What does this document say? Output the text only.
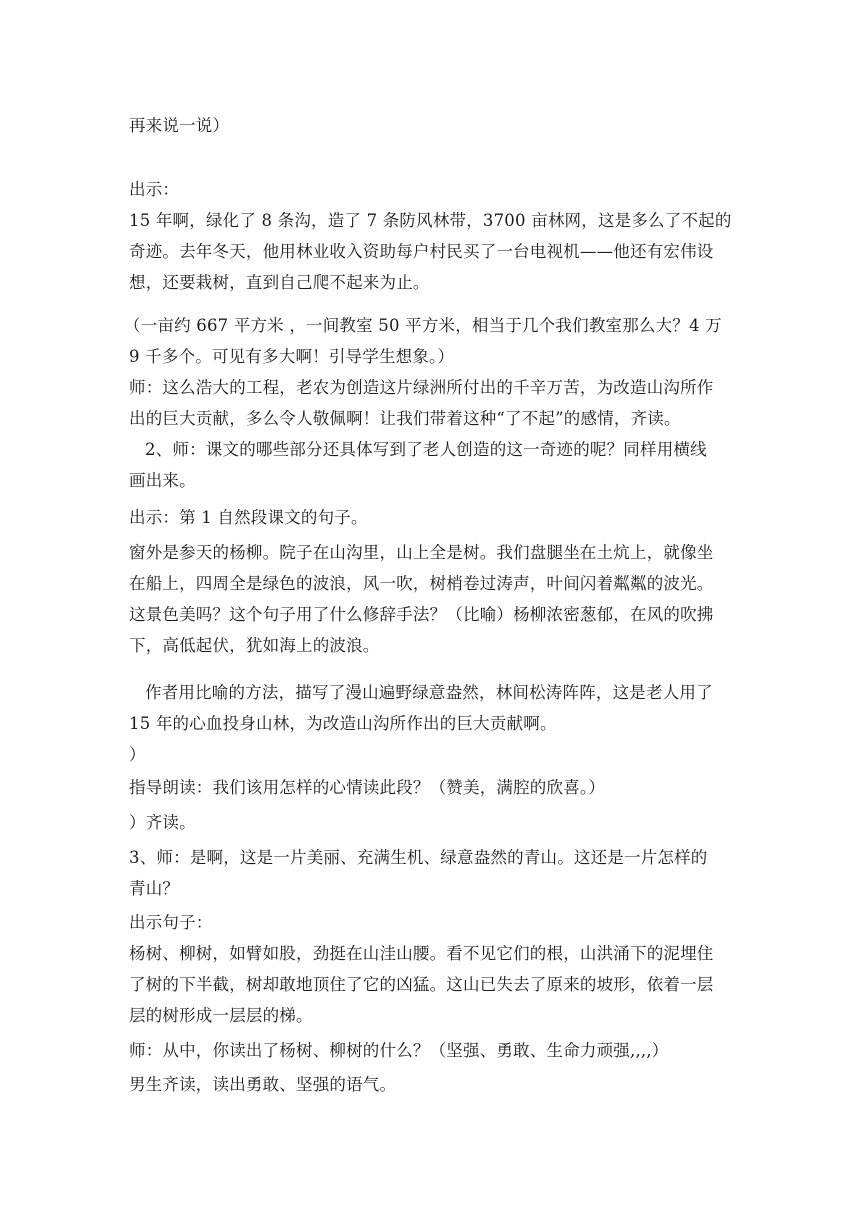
再来说一说）
出示：
15 年啊，绿化了 8 条沟，造了 7 条防风林带，3700 亩林网，这是多么了不起的
奇迹。去年冬天，他用林业收入资助每户村民买了一台电视机——他还有宏伟设
想，还要栽树，直到自己爬不起来为止。
（一亩约 667 平方米 ，一间教室 50 平方米，相当于几个我们教室那么大？4 万
9 千多个。可见有多大啊！引导学生想象。）
师：这么浩大的工程，老农为创造这片绿洲所付出的千辛万苦，为改造山沟所作
出的巨大贡献，多么令人敬佩啊！让我们带着这种“了不起”的感情，齐读。
2、师：课文的哪些部分还具体写到了老人创造的这一奇迹的呢？同样用横线
画出来。
出示：第 1 自然段课文的句子。
窗外是参天的杨柳。院子在山沟里，山上全是树。我们盘腿坐在土炕上，就像坐
在船上，四周全是绿色的波浪，风一吹，树梢卷过涛声，叶间闪着粼粼的波光。
这景色美吗？这个句子用了什么修辞手法？（比喻）杨柳浓密葱郁，在风的吹拂
下，高低起伏，犹如海上的波浪。
作者用比喻的方法，描写了漫山遍野绿意盎然，林间松涛阵阵，这是老人用了
15 年的心血投身山林，为改造山沟所作出的巨大贡献啊。
）
指导朗读：我们该用怎样的心情读此段？（赞美，满腔的欣喜。）
）齐读。
3、师：是啊，这是一片美丽、充满生机、绿意盎然的青山。这还是一片怎样的
青山？
出示句子：
杨树、柳树，如臂如股，劲挺在山洼山腰。看不见它们的根，山洪涌下的泥埋住
了树的下半截，树却敢地顶住了它的凶猛。这山已失去了原来的坡形，依着一层
层的树形成一层层的梯。
师：从中，你读出了杨树、柳树的什么？（坚强、勇敢、生命力顽强,,,,）
男生齐读，读出勇敢、坚强的语气。
